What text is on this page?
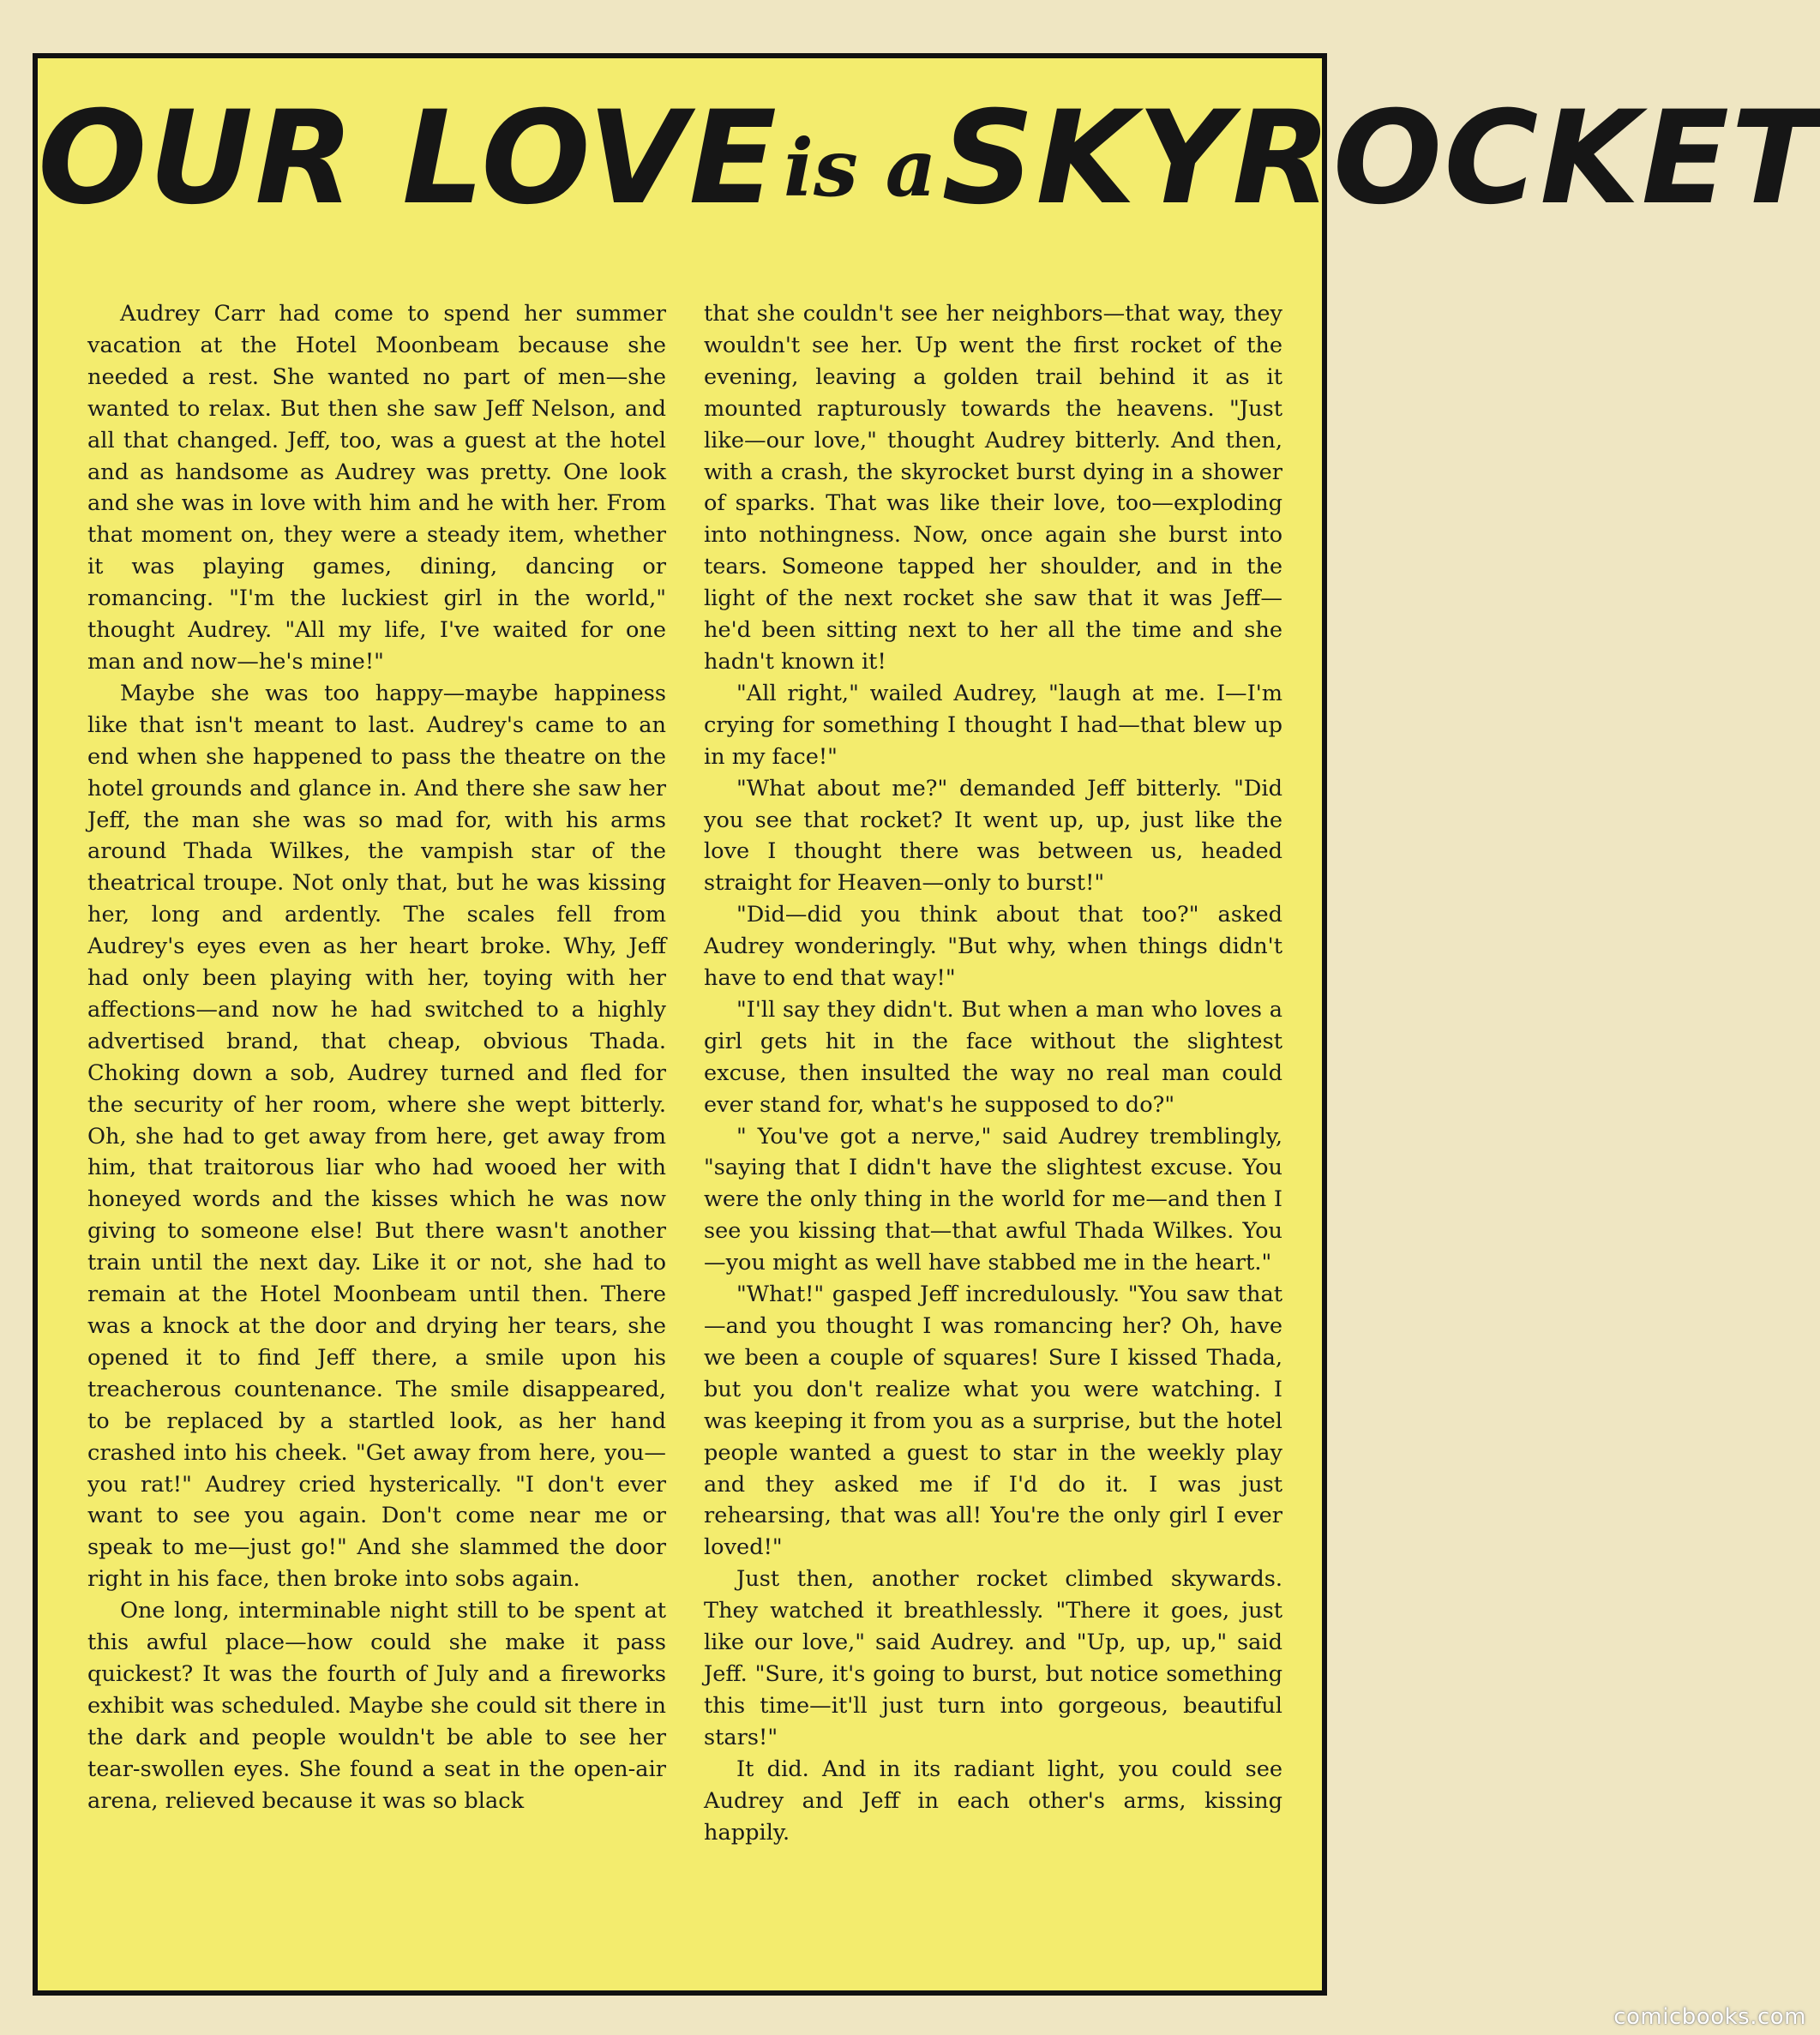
OUR LOVEis aSKYROCKET

Audrey Carr had come to spend her summer vacation at the Hotel Moonbeam because she needed a rest. She wanted no part of men—she wanted to relax. But then she saw Jeff Nelson, and all that changed. Jeff, too, was a guest at the hotel and as handsome as Audrey was pretty. One look and she was in love with him and he with her. From that moment on, they were a steady item, whether it was playing games, dining, dancing or romancing. "I'm the luckiest girl in the world," thought Audrey. "All my life, I've waited for one man and now—he's mine!"

Maybe she was too happy—maybe happiness like that isn't meant to last. Audrey's came to an end when she happened to pass the theatre on the hotel grounds and glance in. And there she saw her Jeff, the man she was so mad for, with his arms around Thada Wilkes, the vampish star of the theatrical troupe. Not only that, but he was kissing her, long and ardently. The scales fell from Audrey's eyes even as her heart broke. Why, Jeff had only been playing with her, toying with her affections—and now he had switched to a highly advertised brand, that cheap, obvious Thada. Choking down a sob, Audrey turned and fled for the security of her room, where she wept bitterly. Oh, she had to get away from here, get away from him, that traitorous liar who had wooed her with honeyed words and the kisses which he was now giving to someone else! But there wasn't another train until the next day. Like it or not, she had to remain at the Hotel Moonbeam until then. There was a knock at the door and drying her tears, she opened it to find Jeff there, a smile upon his treacherous countenance. The smile disappeared, to be replaced by a startled look, as her hand crashed into his cheek. "Get away from here, you—you rat!" Audrey cried hysterically. "I don't ever want to see you again. Don't come near me or speak to me—just go!" And she slammed the door right in his face, then broke into sobs again.

One long, interminable night still to be spent at this awful place—how could she make it pass quickest? It was the fourth of July and a fireworks exhibit was scheduled. Maybe she could sit there in the dark and people wouldn't be able to see her tear-swollen eyes. She found a seat in the open-air arena, relieved because it was so black

that she couldn't see her neighbors—that way, they wouldn't see her. Up went the first rocket of the evening, leaving a golden trail behind it as it mounted rapturously towards the heavens. "Just like—our love," thought Audrey bitterly. And then, with a crash, the skyrocket burst dying in a shower of sparks. That was like their love, too—exploding into nothingness. Now, once again she burst into tears. Someone tapped her shoulder, and in the light of the next rocket she saw that it was Jeff—he'd been sitting next to her all the time and she hadn't known it!

"All right," wailed Audrey, "laugh at me. I—I'm crying for something I thought I had—that blew up in my face!"

"What about me?" demanded Jeff bitterly. "Did you see that rocket? It went up, up, just like the love I thought there was between us, headed straight for Heaven—only to burst!"

"Did—did you think about that too?" asked Audrey wonderingly. "But why, when things didn't have to end that way!"

"I'll say they didn't. But when a man who loves a girl gets hit in the face without the slightest excuse, then insulted the way no real man could ever stand for, what's he supposed to do?"

" You've got a nerve," said Audrey tremblingly, "saying that I didn't have the slightest excuse. You were the only thing in the world for me—and then I see you kissing that—that awful Thada Wilkes. You—you might as well have stabbed me in the heart."

"What!" gasped Jeff incredulously. "You saw that—and you thought I was romancing her? Oh, have we been a couple of squares! Sure I kissed Thada, but you don't realize what you were watching. I was keeping it from you as a surprise, but the hotel people wanted a guest to star in the weekly play and they asked me if I'd do it. I was just rehearsing, that was all! You're the only girl I ever loved!"

Just then, another rocket climbed skywards. They watched it breathlessly. "There it goes, just like our love," said Audrey. and "Up, up, up," said Jeff. "Sure, it's going to burst, but notice something this time—it'll just turn into gorgeous, beautiful stars!"

It did. And in its radiant light, you could see Audrey and Jeff in each other's arms, kissing happily.

comicbooks.com
